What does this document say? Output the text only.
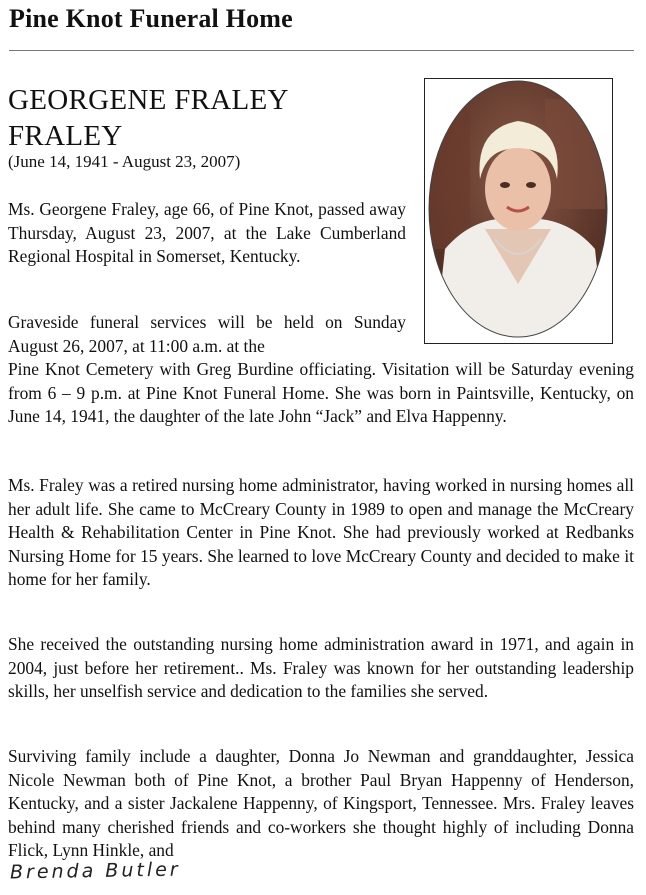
Pine Knot Funeral Home
GEORGENE FRALEY
FRALEY
(June 14, 1941 - August 23, 2007)

Ms. Georgene Fraley, age 66, of Pine Knot, passed away Thursday, August 23, 2007, at the Lake Cumberland Regional Hospital in Somerset, Kentucky.

Graveside funeral services will be held on Sunday August 26, 2007, at 11:00 a.m. at the

Pine Knot Cemetery with Greg Burdine officiating. Visitation will be Saturday evening from 6 – 9 p.m. at Pine Knot Funeral Home. She was born in Paintsville, Kentucky, on June 14, 1941, the daughter of the late John “Jack” and Elva Happenny.

Ms. Fraley was a retired nursing home administrator, having worked in nursing homes all her adult life. She came to McCreary County in 1989 to open and manage the McCreary Health & Rehabilitation Center in Pine Knot. She had previously worked at Redbanks Nursing Home for 15 years. She learned to love McCreary County and decided to make it home for her family.

She received the outstanding nursing home administration award in 1971, and again in 2004, just before her retirement.. Ms. Fraley was known for her outstanding leadership skills, her unselfish service and dedication to the families she served.

Surviving family include a daughter, Donna Jo Newman and granddaughter, Jessica Nicole Newman both of Pine Knot, a brother Paul Bryan Happenny of Henderson, Kentucky, and a sister Jackalene Happenny, of Kingsport, Tennessee. Mrs. Fraley leaves behind many cherished friends and co-workers she thought highly of including Donna Flick, Lynn Hinkle, and

Brenda Butler
